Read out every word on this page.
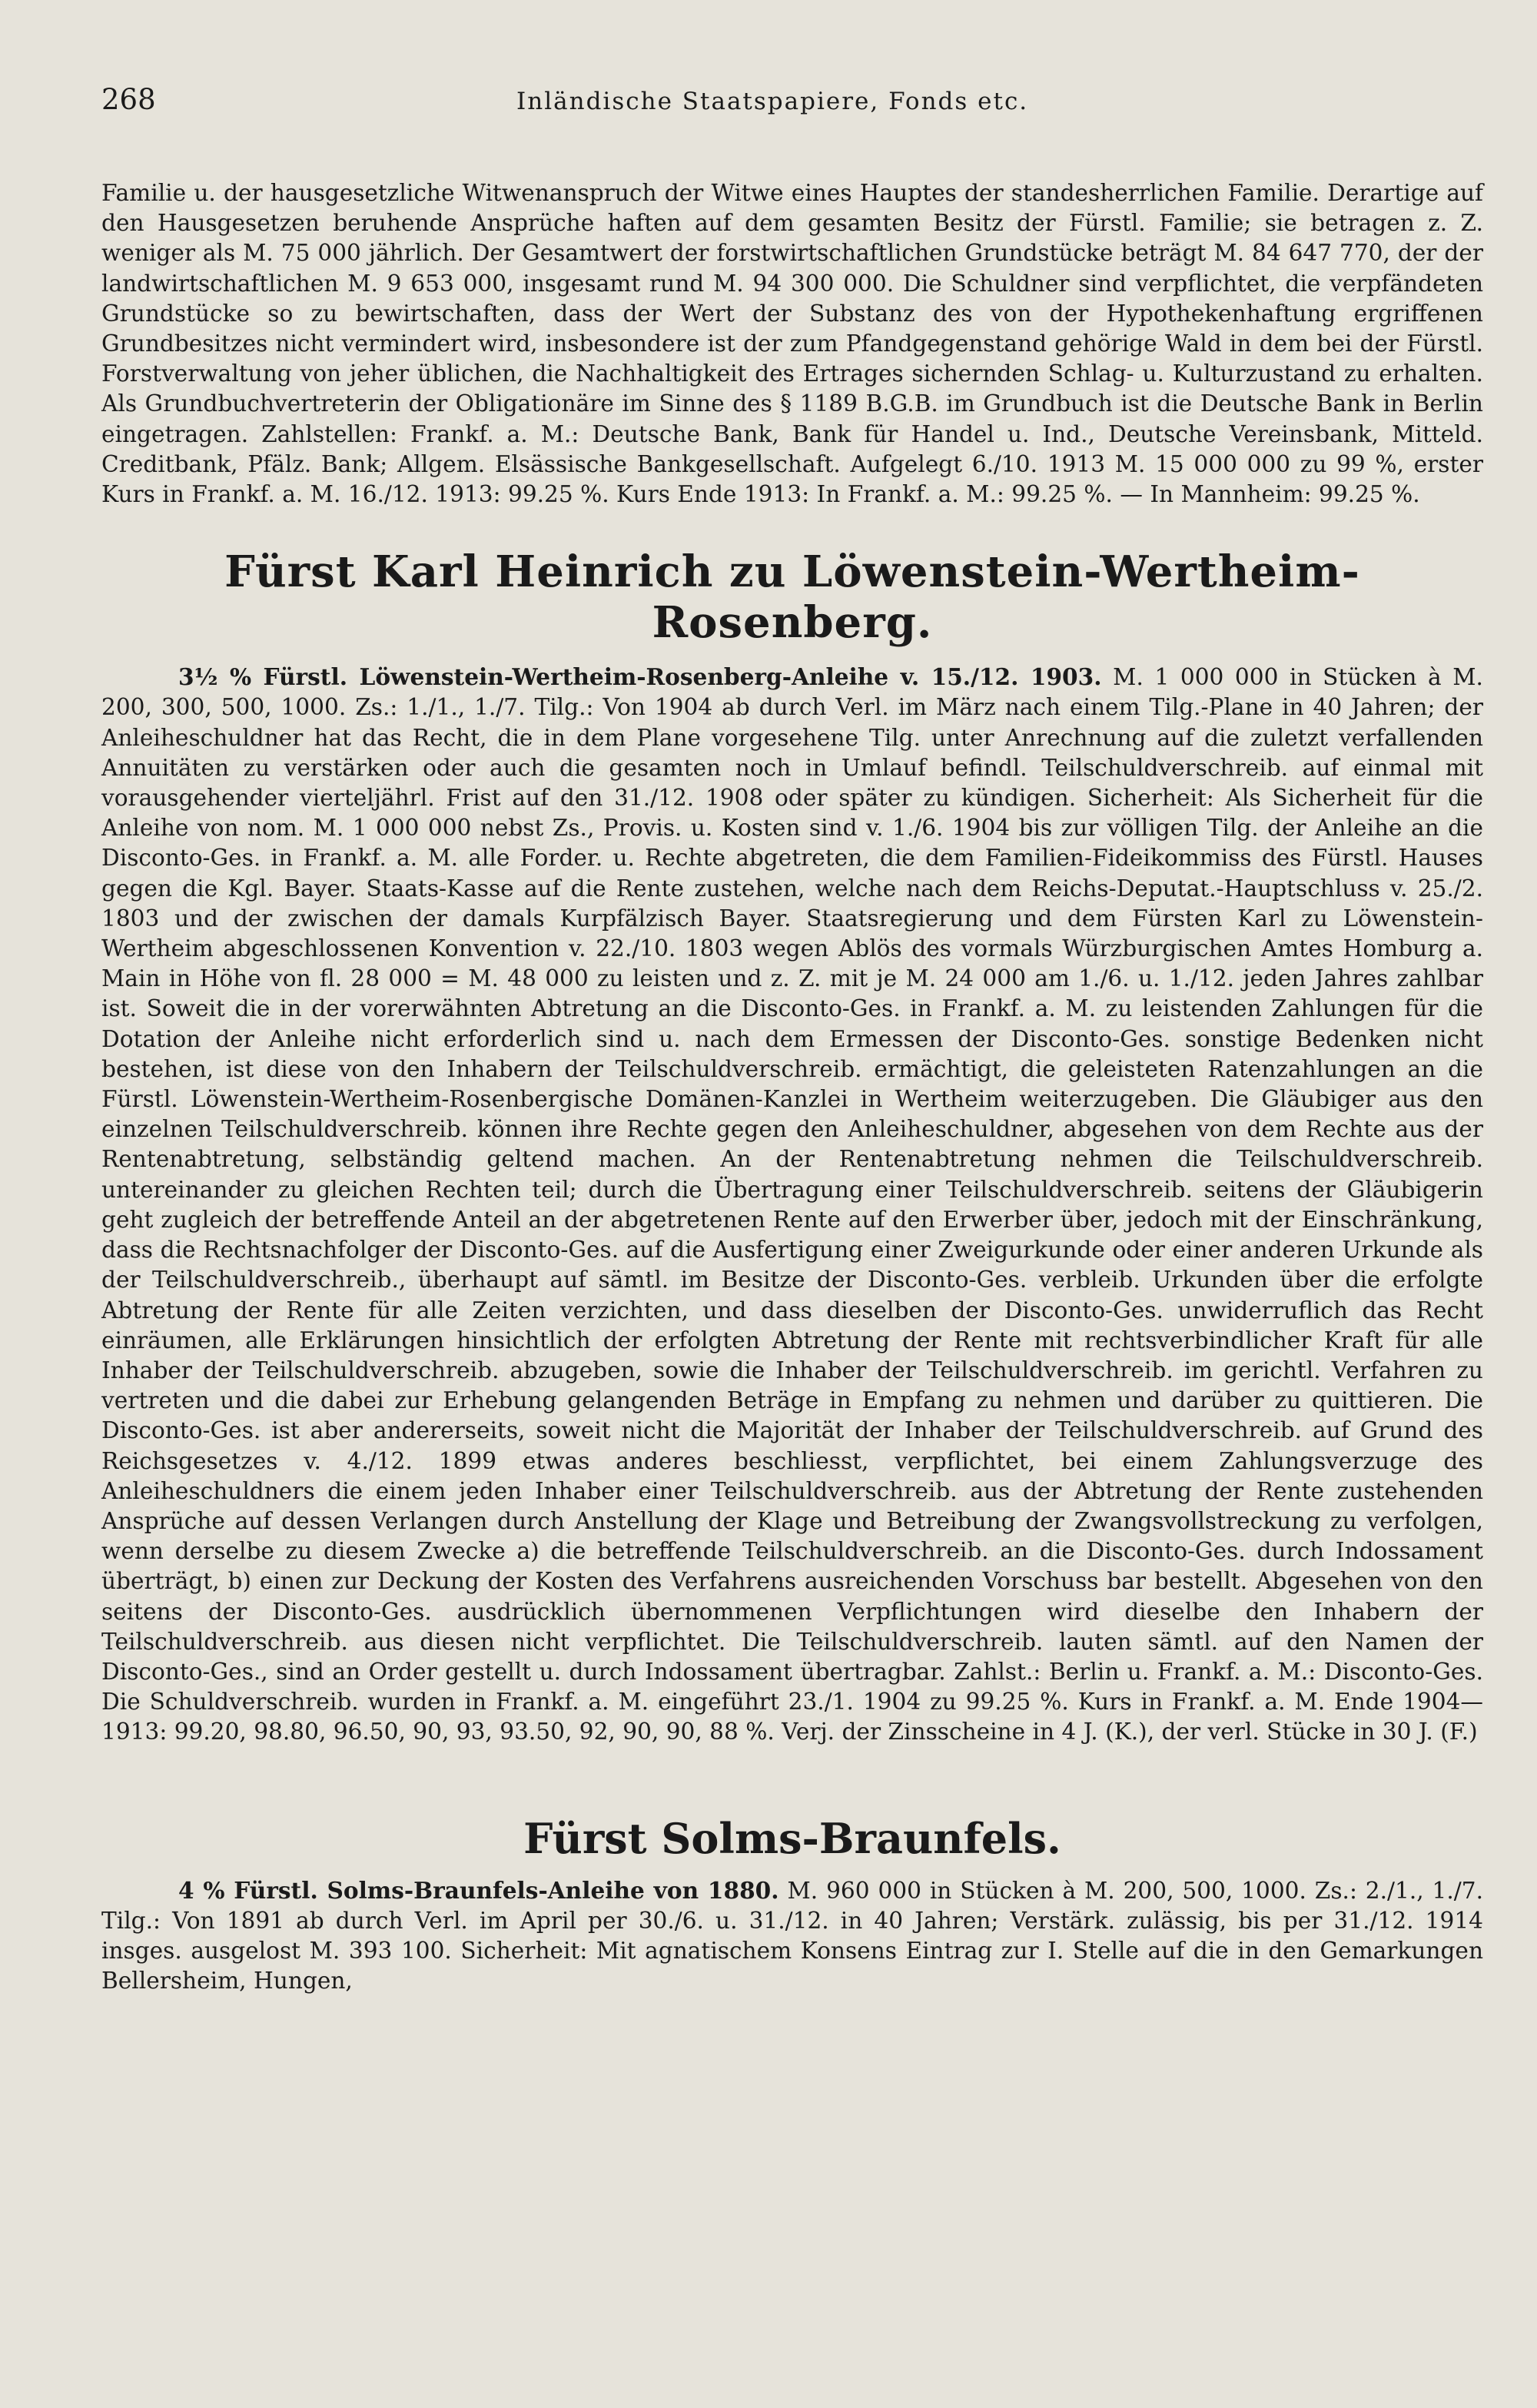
268	Inländische Staatspapiere, Fonds etc.

Familie u. der hausgesetzliche Witwenanspruch der Witwe eines Hauptes der standesherrlichen Familie. Derartige auf den Hausgesetzen beruhende Ansprüche haften auf dem gesamten Besitz der Fürstl. Familie; sie betragen z. Z. weniger als M. 75 000 jährlich. Der Gesamtwert der forstwirtschaftlichen Grundstücke beträgt M. 84 647 770, der der landwirtschaftlichen M. 9 653 000, insgesamt rund M. 94 300 000. Die Schuldner sind verpflichtet, die verpfändeten Grundstücke so zu bewirtschaften, dass der Wert der Substanz des von der Hypothekenhaftung ergriffenen Grundbesitzes nicht vermindert wird, insbesondere ist der zum Pfandgegenstand gehörige Wald in dem bei der Fürstl. Forstverwaltung von jeher üblichen, die Nachhaltigkeit des Ertrages sichernden Schlag- u. Kulturzustand zu erhalten. Als Grundbuchvertreterin der Obligationäre im Sinne des § 1189 B.G.B. im Grundbuch ist die Deutsche Bank in Berlin eingetragen. Zahlstellen: Frankf. a. M.: Deutsche Bank, Bank für Handel u. Ind., Deutsche Vereinsbank, Mitteld. Creditbank, Pfälz. Bank; Allgem. Elsässische Bankgesellschaft. Aufgelegt 6./10. 1913 M. 15 000 000 zu 99 %, erster Kurs in Frankf. a. M. 16./12. 1913: 99.25 %. Kurs Ende 1913: In Frankf. a. M.: 99.25 %. — In Mannheim: 99.25 %.

Fürst Karl Heinrich zu Löwenstein-Wertheim-Rosenberg.

3½ % Fürstl. Löwenstein-Wertheim-Rosenberg-Anleihe v. 15./12. 1903. M. 1 000 000 in Stücken à M. 200, 300, 500, 1000. Zs.: 1./1., 1./7. Tilg.: Von 1904 ab durch Verl. im März nach einem Tilg.-Plane in 40 Jahren; der Anleiheschuldner hat das Recht, die in dem Plane vorgesehene Tilg. unter Anrechnung auf die zuletzt verfallenden Annuitäten zu verstärken oder auch die gesamten noch in Umlauf befindl. Teilschuldverschreib. auf einmal mit vorausgehender vierteljährl. Frist auf den 31./12. 1908 oder später zu kündigen. Sicherheit: Als Sicherheit für die Anleihe von nom. M. 1 000 000 nebst Zs., Provis. u. Kosten sind v. 1./6. 1904 bis zur völligen Tilg. der Anleihe an die Disconto-Ges. in Frankf. a. M. alle Forder. u. Rechte abgetreten, die dem Familien-Fideikommiss des Fürstl. Hauses gegen die Kgl. Bayer. Staats-Kasse auf die Rente zustehen, welche nach dem Reichs-Deputat.-Hauptschluss v. 25./2. 1803 und der zwischen der damals Kurpfälzisch Bayer. Staatsregierung und dem Fürsten Karl zu Löwenstein-Wertheim abgeschlossenen Konvention v. 22./10. 1803 wegen Ablös des vormals Würzburgischen Amtes Homburg a. Main in Höhe von fl. 28 000 = M. 48 000 zu leisten und z. Z. mit je M. 24 000 am 1./6. u. 1./12. jeden Jahres zahlbar ist. Soweit die in der vorerwähnten Abtretung an die Disconto-Ges. in Frankf. a. M. zu leistenden Zahlungen für die Dotation der Anleihe nicht erforderlich sind u. nach dem Ermessen der Disconto-Ges. sonstige Bedenken nicht bestehen, ist diese von den Inhabern der Teilschuldverschreib. ermächtigt, die geleisteten Ratenzahlungen an die Fürstl. Löwenstein-Wertheim-Rosenbergische Domänen-Kanzlei in Wertheim weiterzugeben. Die Gläubiger aus den einzelnen Teilschuldverschreib. können ihre Rechte gegen den Anleiheschuldner, abgesehen von dem Rechte aus der Rentenabtretung, selbständig geltend machen. An der Rentenabtretung nehmen die Teilschuldverschreib. untereinander zu gleichen Rechten teil; durch die Übertragung einer Teilschuldverschreib. seitens der Gläubigerin geht zugleich der betreffende Anteil an der abgetretenen Rente auf den Erwerber über, jedoch mit der Einschränkung, dass die Rechtsnachfolger der Disconto-Ges. auf die Ausfertigung einer Zweigurkunde oder einer anderen Urkunde als der Teilschuldverschreib., überhaupt auf sämtl. im Besitze der Disconto-Ges. verbleib. Urkunden über die erfolgte Abtretung der Rente für alle Zeiten verzichten, und dass dieselben der Disconto-Ges. unwiderruflich das Recht einräumen, alle Erklärungen hinsichtlich der erfolgten Abtretung der Rente mit rechtsverbindlicher Kraft für alle Inhaber der Teilschuldverschreib. abzugeben, sowie die Inhaber der Teilschuldverschreib. im gerichtl. Verfahren zu vertreten und die dabei zur Erhebung gelangenden Beträge in Empfang zu nehmen und darüber zu quittieren. Die Disconto-Ges. ist aber andererseits, soweit nicht die Majorität der Inhaber der Teilschuldverschreib. auf Grund des Reichsgesetzes v. 4./12. 1899 etwas anderes beschliesst, verpflichtet, bei einem Zahlungsverzuge des Anleiheschuldners die einem jeden Inhaber einer Teilschuldverschreib. aus der Abtretung der Rente zustehenden Ansprüche auf dessen Verlangen durch Anstellung der Klage und Betreibung der Zwangsvollstreckung zu verfolgen, wenn derselbe zu diesem Zwecke a) die betreffende Teilschuldverschreib. an die Disconto-Ges. durch Indossament überträgt, b) einen zur Deckung der Kosten des Verfahrens ausreichenden Vorschuss bar bestellt. Abgesehen von den seitens der Disconto-Ges. ausdrücklich übernommenen Verpflichtungen wird dieselbe den Inhabern der Teilschuldverschreib. aus diesen nicht verpflichtet. Die Teilschuldverschreib. lauten sämtl. auf den Namen der Disconto-Ges., sind an Order gestellt u. durch Indossament übertragbar. Zahlst.: Berlin u. Frankf. a. M.: Disconto-Ges. Die Schuldverschreib. wurden in Frankf. a. M. eingeführt 23./1. 1904 zu 99.25 %. Kurs in Frankf. a. M. Ende 1904—1913: 99.20, 98.80, 96.50, 90, 93, 93.50, 92, 90, 90, 88 %. Verj. der Zinsscheine in 4 J. (K.), der verl. Stücke in 30 J. (F.)

Fürst Solms-Braunfels.

4 % Fürstl. Solms-Braunfels-Anleihe von 1880. M. 960 000 in Stücken à M. 200, 500, 1000. Zs.: 2./1., 1./7. Tilg.: Von 1891 ab durch Verl. im April per 30./6. u. 31./12. in 40 Jahren; Verstärk. zulässig, bis per 31./12. 1914 insges. ausgelost M. 393 100. Sicherheit: Mit agnatischem Konsens Eintrag zur I. Stelle auf die in den Gemarkungen Bellersheim, Hungen,
